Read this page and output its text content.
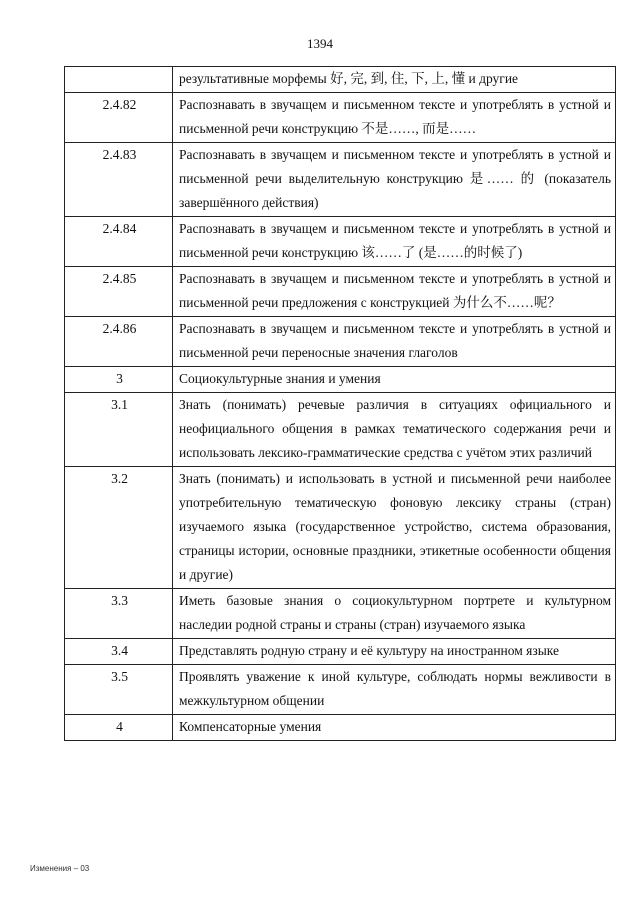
1394
	результативные морфемы 好, 完, 到, 住, 下, 上, 懂 и другие
2.4.82	Распознавать в звучащем и письменном тексте и употреблять в устной и письменной речи конструкцию 不是……, 而是……
2.4.83	Распознавать в звучащем и письменном тексте и употреблять в устной и письменной речи выделительную конструкцию 是…… 的 (показатель завершённого действия)
2.4.84	Распознавать в звучащем и письменном тексте и употреблять в устной и письменной речи конструкцию 该……了 (是……的时候了)
2.4.85	Распознавать в звучащем и письменном тексте и употреблять в устной и письменной речи предложения с конструкцией 为什么不……呢？
2.4.86	Распознавать в звучащем и письменном тексте и употреблять в устной и письменной речи переносные значения глаголов
3	Социокультурные знания и умения
3.1	Знать (понимать) речевые различия в ситуациях официального и неофициального общения в рамках тематического содержания речи и использовать лексико-грамматические средства с учётом этих различий
3.2	Знать (понимать) и использовать в устной и письменной речи наиболее употребительную тематическую фоновую лексику страны (стран) изучаемого языка (государственное устройство, система образования, страницы истории, основные праздники, этикетные особенности общения и другие)
3.3	Иметь базовые знания о социокультурном портрете и культурном наследии родной страны и страны (стран) изучаемого языка
3.4	Представлять родную страну и её культуру на иностранном языке
3.5	Проявлять уважение к иной культуре, соблюдать нормы вежливости в межкультурном общении
4	Компенсаторные умения
Изменения – 03
